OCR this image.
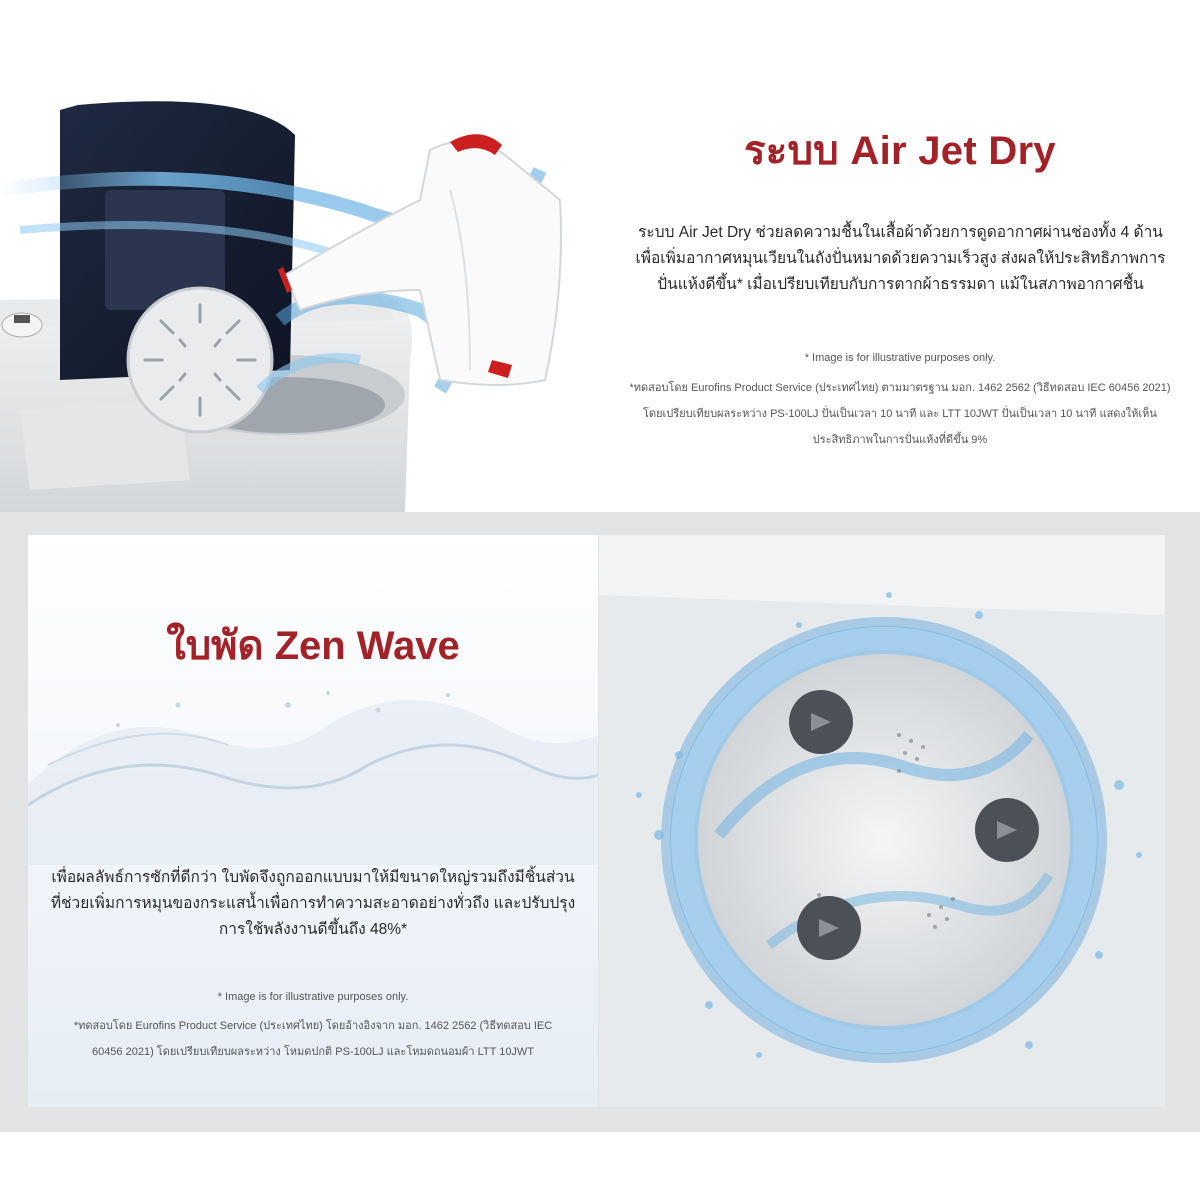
ระบบ Air Jet Dry

ระบบ Air Jet Dry ช่วยลดความชื้นในเสื้อผ้าด้วยการดูดอากาศผ่านช่องทั้ง 4 ด้าน เพื่อเพิ่มอากาศหมุนเวียนในถังปั่นหมาดด้วยความเร็วสูง ส่งผลให้ประสิทธิภาพการปั่นแห้งดีขึ้น* เมื่อเปรียบเทียบกับการตากผ้าธรรมดา แม้ในสภาพอากาศชื้น

* Image is for illustrative purposes only.

*ทดสอบโดย Eurofins Product Service (ประเทศไทย) ตามมาตรฐาน มอก. 1462 2562 (วิธีทดสอบ IEC 60456 2021) โดยเปรียบเทียบผลระหว่าง PS-100LJ ปั่นเป็นเวลา 10 นาที และ LTT 10JWT ปั่นเป็นเวลา 10 นาที แสดงให้เห็นประสิทธิภาพในการปั่นแห้งที่ดีขึ้น 9%

ใบพัด Zen Wave

เพื่อผลลัพธ์การซักที่ดีกว่า ใบพัดจึงถูกออกแบบมาให้มีขนาดใหญ่รวมถึงมีชิ้นส่วนที่ช่วยเพิ่มการหมุนของกระแสน้ำเพื่อการทำความสะอาดอย่างทั่วถึง และปรับปรุงการใช้พลังงานดีขึ้นถึง 48%*

* Image is for illustrative purposes only.

*ทดสอบโดย Eurofins Product Service (ประเทศไทย) โดยอ้างอิงจาก มอก. 1462 2562 (วิธีทดสอบ IEC 60456 2021) โดยเปรียบเทียบผลระหว่าง โหมดปกติ PS-100LJ และโหมดถนอมผ้า LTT 10JWT
